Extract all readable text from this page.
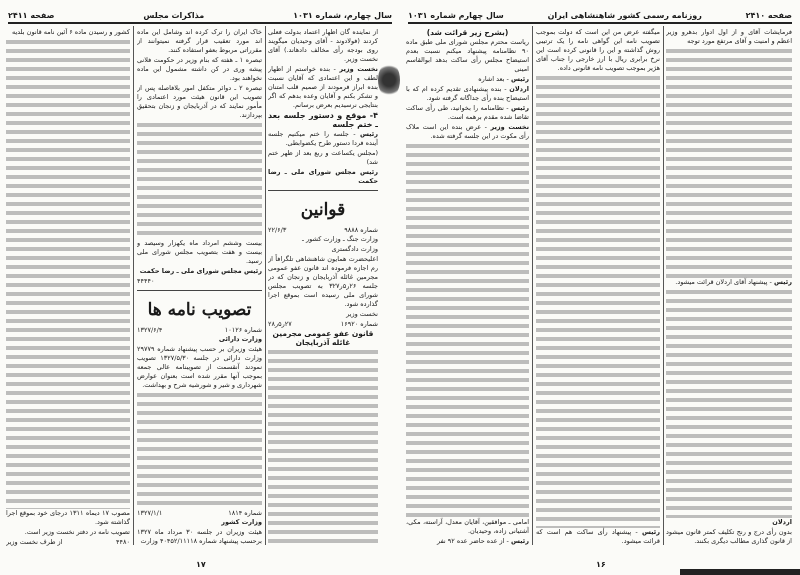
سال چهارم، شماره ۱۰۳۱
مذاکرات مجلس
صفحه ۲۴۱۱

از نماینده گان اظهار اعتماد بدولت فعلی کردند (فولادوند - آقای وحیدیان میگویند روی بودجه رأی مخالف دادهاند.) آقای نخست وزیر.

نخست وزیر - بنده خواستم از اظهار لطف و این اعتمادی که آقایان نسبت بنده ابراز فرمودند از صمیم قلب امتنان و تشکر بکنم و آقایان وعده بدهم که اگر بنتایجی نرسیدیم بعرض برسانم.

۴- موقع و دستور جلسه بعد ـ ختم جلسه

رئیس - جلسه را ختم میکنیم جلسه آینده فردا دستور طرح یکضوابطی.

(مجلس یکساعت و ربع بعد از ظهر ختم شد)

رئیس مجلس شورای ملی ـ رضا حکمت

قوانین
شماره ۹۸۸۸
۲۲/۶/۳

وزارت جنگ ـ وزارت کشور ـ

وزارت دادگستری

اعلیحضرت همایون شاهنشاهی تلگرافاً از رم اجازه فرموده اند قانون عفو عمومی مجرمین غائله آذربایجان و زنجان که در جلسه ۲۶ر۵ر۳۲۷ به تصویب مجلس شورای ملی رسیده است بموقع اجرا گذارده شود.

نخست وزیر

شماره ۱۶۹۲۰
۲۷ر۵ر۲۸

قانون عفو عمومی مجرمین غائله آذربایجان

خاک ایران را ترک کرده اند وشامل این ماده اند مورد تعقیب قرار گرفته نمیتوانند از مقرراتی مربوط بعفو استفاده کنند.

تبصره ۱ ـ هفته که بنام وزیر در حکومت فلانی پیشه وری در کن داشته مشمول این ماده نخواهند بود.

تبصره ۲ ـ دوائر متکفل امور بلافاصله پس از تصویب این قانون هیئت مورد اعتمادی را مأمور نمایند که در آذربایجان و زنجان بتحقیق بپردازند.

بیست وششم امرداد ماه یکهزار وسیصد و بیست و هفت بتصویب مجلس شورای ملی رسید.

رئیس مجلس شورای ملی ـ رضا حکمت

۴۴۴۴۰

تصویب نامه ها
شماره ۱۰۱۲۶
۱۳۲۷/۶/۴

وزارت دارائی

هیئت وزیران بر حسب پیشنهاد شماره ۲۹۷۷۹ وزارت دارائی در جلسه ۱۳۲۷/۵/۳۰ تصویب نمودند آنقسمت از تصویبنامه عالی جمعه بموجب آنها مقرر شده است بعنوان عوارض شهرداری و شیر و شورشیه شرح و بهداشت.

شماره ۱۸۱۴
۱۳۲۷/۱/۱

وزارت کشور

هیئت وزیران در جلسه ۳۰ مرداد ماه ۱۳۲۷ برحسب پیشنهاد شماره ۴۰۴۵۲/۱۱۱۱۸ وزارت

کشور و رسیدن ماده ۶ آئین نامه قانون بلدیه

مصوب ۱۷ دیماه ۱۳۱۱ درجای خود بموقع اجرا گذاشته شود.

تصویب نامه در دفتر نخست وزیر است.

۴۴۸۰
از طرف نخست وزیر
۱۷
صفحه ۲۴۱۰
روزنامه رسمی کشور شاهنشاهی ایران
سال چهارم شماره ۱۰۳۱

فرمایشات آقای و از اول ادوار بدهرو وزیر اعظم و امنیت و آقای مرتفع مورد توجه

رئیس - پیشنهاد آقای اردلان قرائت میشود.

اردلان

بدون رأی درج و رنج تکلیف کمتر قانون میشود از قانون گذاری مطالب دیگری بکنند.

میگفته عرض من این است که دولت بموجب تصویب نامه این گواهی نامه را یک ترتیبی روش گذاشته و این را قانونی کرده است این نرخ برابری ریال با ارز خارجی را جناب آقای هژیر بموجب تصویب نامه قانونی داده.

رئیس - پیشنهاد رأی ساکت هم است که قرائت میشود.

(بشرح زیر قرائت شد)

ریاست محترم مجلس شورای ملی طبق ماده ۹۰ نظامنامه پیشنهاد میکنم نسبت بعدم استیضاح مجلس رأی ساکت بدهد ابوالقاسم امینی

رئیس - بعد اشاره

اردلان - بنده پیشنهادی تقدیم کرده ام که با استیضاح بنده رأی جداگانه گرفته شود.

رئیس - نظامنامه را بخوانید، طی رأی ساکت تقاضا شده مقدم برهمه است.

نخست وزیر - عرض بنده این است ملاک رأی مکوت در این جلسه گرفته شده.

امامی ـ موافقین، آقایان معدل، آراسته، مکی، آشتیانی زاده، وحیدیان.

رئیس - از عده حاضر عده ۹۲ نفر

۱۶
